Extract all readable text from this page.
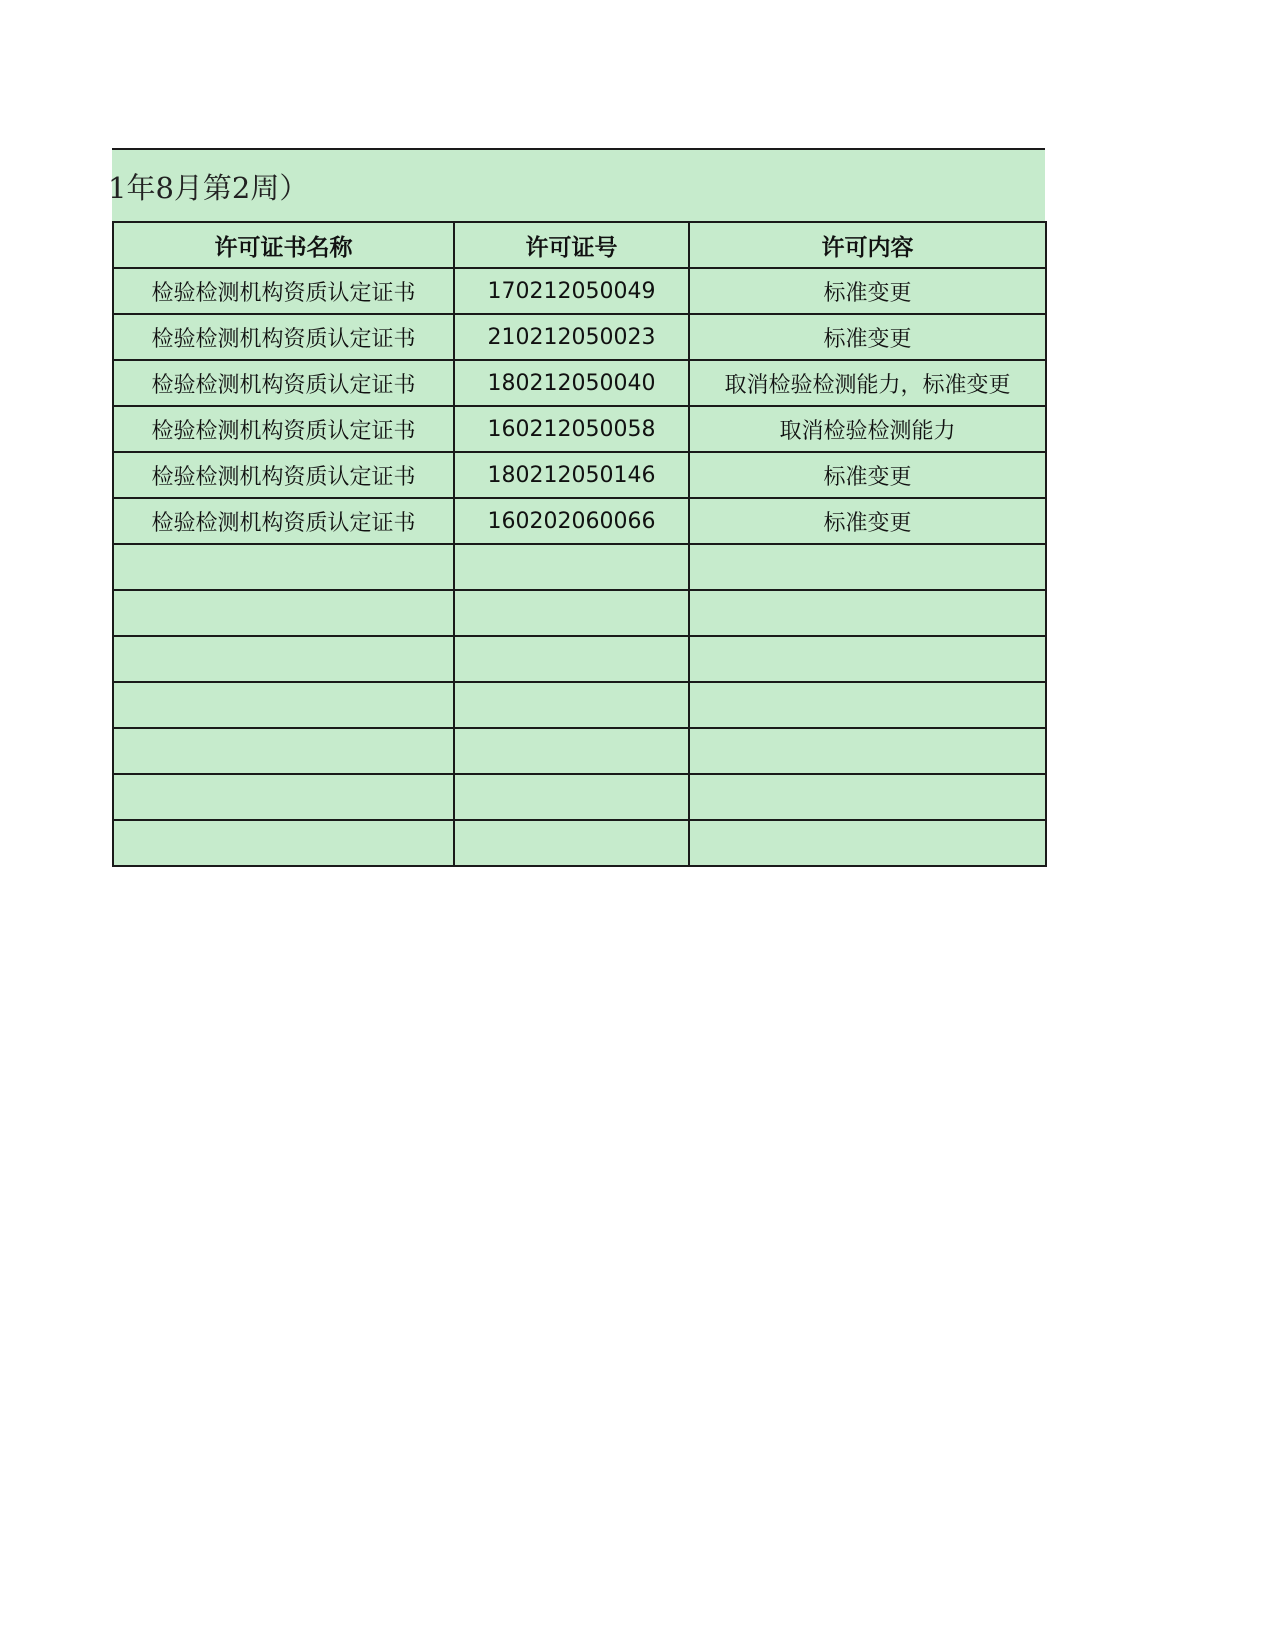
1年8月第2周）
许可证书名称	许可证号	许可内容
检验检测机构资质认定证书	170212050049	标准变更
检验检测机构资质认定证书	210212050023	标准变更
检验检测机构资质认定证书	180212050040	取消检验检测能力，标准变更
检验检测机构资质认定证书	160212050058	取消检验检测能力
检验检测机构资质认定证书	180212050146	标准变更
检验检测机构资质认定证书	160202060066	标准变更
